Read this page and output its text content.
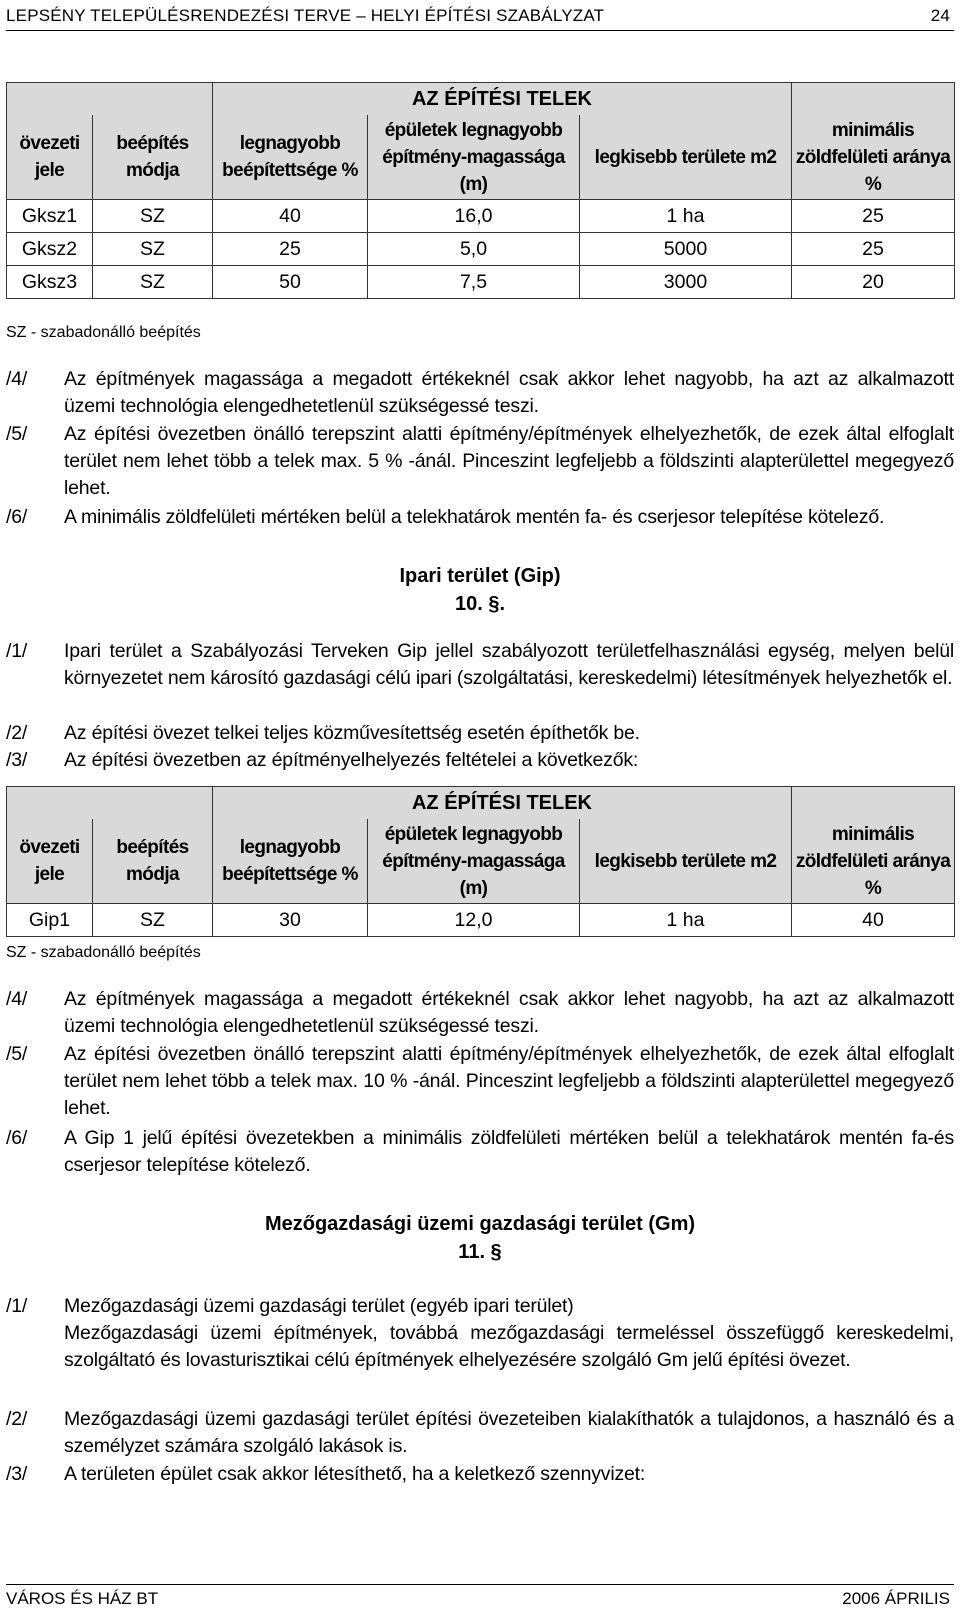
LEPSÉNY TELEPÜLÉSRENDEZÉSI TERVE – HELYI ÉPÍTÉSI SZABÁLYZAT	24
		AZ ÉPÍTÉSI TELEK			
övezeti jele	beépítés módja	legnagyobb beépítettsége %	épületek legnagyobb építmény-magassága (m)	legkisebb területe m2	minimális zöldfelületi aránya %
Gksz1	SZ	40	16,0	1 ha	25
Gksz2	SZ	25	5,0	5000	25
Gksz3	SZ	50	7,5	3000	20
SZ - szabadonálló beépítés
/4/ Az építmények magassága a megadott értékeknél csak akkor lehet nagyobb, ha azt az alkalmazott üzemi technológia elengedhetetlenül szükségessé teszi.
/5/ Az építési övezetben önálló terepszint alatti építmény/építmények elhelyezhetők, de ezek által elfoglalt terület nem lehet több a telek max. 5 % -ánál. Pinceszint legfeljebb a földszinti alapterülettel megegyező lehet.
/6/ A minimális zöldfelületi mértéken belül a telekhatárok mentén fa- és cserjesor telepítése kötelező.
Ipari terület (Gip)
10. §.
/1/ Ipari terület a Szabályozási Terveken Gip jellel szabályozott területfelhasználási egység, melyen belül környezetet nem károsító gazdasági célú ipari (szolgáltatási, kereskedelmi) létesítmények helyezhetők el.
/2/ Az építési övezet telkei teljes közművesítettség esetén építhetők be.
/3/ Az építési övezetben az építményelhelyezés feltételei a következők:
		AZ ÉPÍTÉSI TELEK			
övezeti jele	beépítés módja	legnagyobb beépítettsége %	épületek legnagyobb építmény-magassága (m)	legkisebb területe m2	minimális zöldfelületi aránya %
Gip1	SZ	30	12,0	1 ha	40
SZ - szabadonálló beépítés
/4/ Az építmények magassága a megadott értékeknél csak akkor lehet nagyobb, ha azt az alkalmazott üzemi technológia elengedhetetlenül szükségessé teszi.
/5/ Az építési övezetben önálló terepszint alatti építmény/építmények elhelyezhetők, de ezek által elfoglalt terület nem lehet több a telek max. 10 % -ánál. Pinceszint legfeljebb a földszinti alapterülettel megegyező lehet.
/6/ A Gip 1 jelű építési övezetekben a minimális zöldfelületi mértéken belül a telekhatárok mentén fa-és cserjesor telepítése kötelező.
Mezőgazdasági üzemi gazdasági terület (Gm)
11. §
/1/ Mezőgazdasági üzemi gazdasági terület (egyéb ipari terület)
Mezőgazdasági üzemi építmények, továbbá mezőgazdasági termeléssel összefüggő kereskedelmi, szolgáltató és lovasturisztikai célú építmények elhelyezésére szolgáló Gm jelű építési övezet.
/2/ Mezőgazdasági üzemi gazdasági terület építési övezeteiben kialakíthatók a tulajdonos, a használó és a személyzet számára szolgáló lakások is.
/3/ A területen épület csak akkor létesíthető, ha a keletkező szennyvizet:
VÁROS ÉS HÁZ BT	2006 ÁPRILIS
